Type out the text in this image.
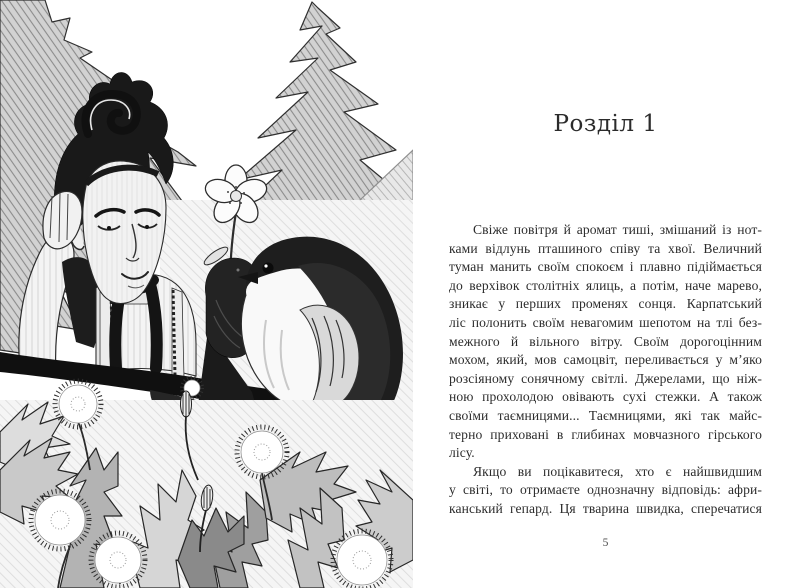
Розділ 1
Свіже повітря й аромат тиші, змішаний із нот-
ками відлунь пташиного співу та хвої. Величний
туман манить своїм спокоєм і плавно підіймається
до верхівок столітніх ялиць, а потім, наче марево,
зникає у перших променях сонця. Карпатський
ліс полонить своїм невагомим шепотом на тлі без-
межного й вільного вітру. Своїм дорогоцінним
мохом, який, мов самоцвіт, переливається у м’яко
розсіяному сонячному світлі. Джерелами, що ніж-
ною прохолодою овівають сухі стежки. А також
своїми таємницями... Таємницями, які так майс-
терно приховані в глибинах мовчазного гірського
лісу.
Якщо ви поцікавитеся, хто є найшвидшим
у світі, то отримаєте однозначну відповідь: афри-
канський гепард. Ця тварина швидка, сперечатися
5
